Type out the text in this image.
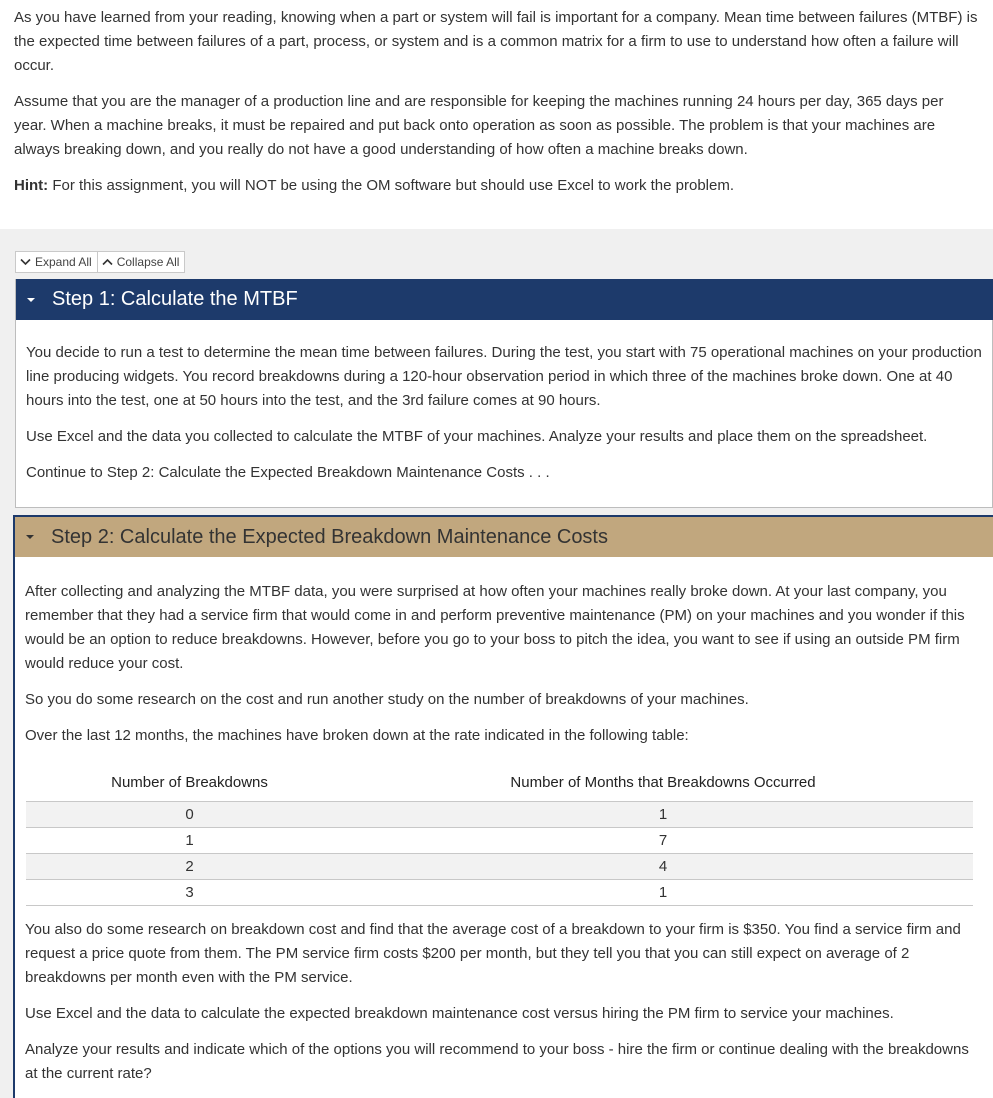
As you have learned from your reading, knowing when a part or system will fail is important for a company. Mean time between failures (MTBF) is the expected time between failures of a part, process, or system and is a common matrix for a firm to use to understand how often a failure will occur.

Assume that you are the manager of a production line and are responsible for keeping the machines running 24 hours per day, 365 days per year. When a machine breaks, it must be repaired and put back onto operation as soon as possible. The problem is that your machines are always breaking down, and you really do not have a good understanding of how often a machine breaks down.

Hint: For this assignment, you will NOT be using the OM software but should use Excel to work the problem.

Expand All Collapse All
Step 1: Calculate the MTBF

You decide to run a test to determine the mean time between failures. During the test, you start with 75 operational machines on your production line producing widgets. You record breakdowns during a 120-hour observation period in which three of the machines broke down. One at 40 hours into the test, one at 50 hours into the test, and the 3rd failure comes at 90 hours.

Use Excel and the data you collected to calculate the MTBF of your machines. Analyze your results and place them on the spreadsheet.

Continue to Step 2: Calculate the Expected Breakdown Maintenance Costs . . .

Step 2: Calculate the Expected Breakdown Maintenance Costs

After collecting and analyzing the MTBF data, you were surprised at how often your machines really broke down. At your last company, you remember that they had a service firm that would come in and perform preventive maintenance (PM) on your machines and you wonder if this would be an option to reduce breakdowns. However, before you go to your boss to pitch the idea, you want to see if using an outside PM firm would reduce your cost.

So you do some research on the cost and run another study on the number of breakdowns of your machines.

Over the last 12 months, the machines have broken down at the rate indicated in the following table:

Number of Breakdowns	Number of Months that Breakdowns Occurred
0	1
1	7
2	4
3	1

You also do some research on breakdown cost and find that the average cost of a breakdown to your firm is $350. You find a service firm and request a price quote from them. The PM service firm costs $200 per month, but they tell you that you can still expect on average of 2 breakdowns per month even with the PM service.

Use Excel and the data to calculate the expected breakdown maintenance cost versus hiring the PM firm to service your machines.

Analyze your results and indicate which of the options you will recommend to your boss - hire the firm or continue dealing with the breakdowns at the current rate?
